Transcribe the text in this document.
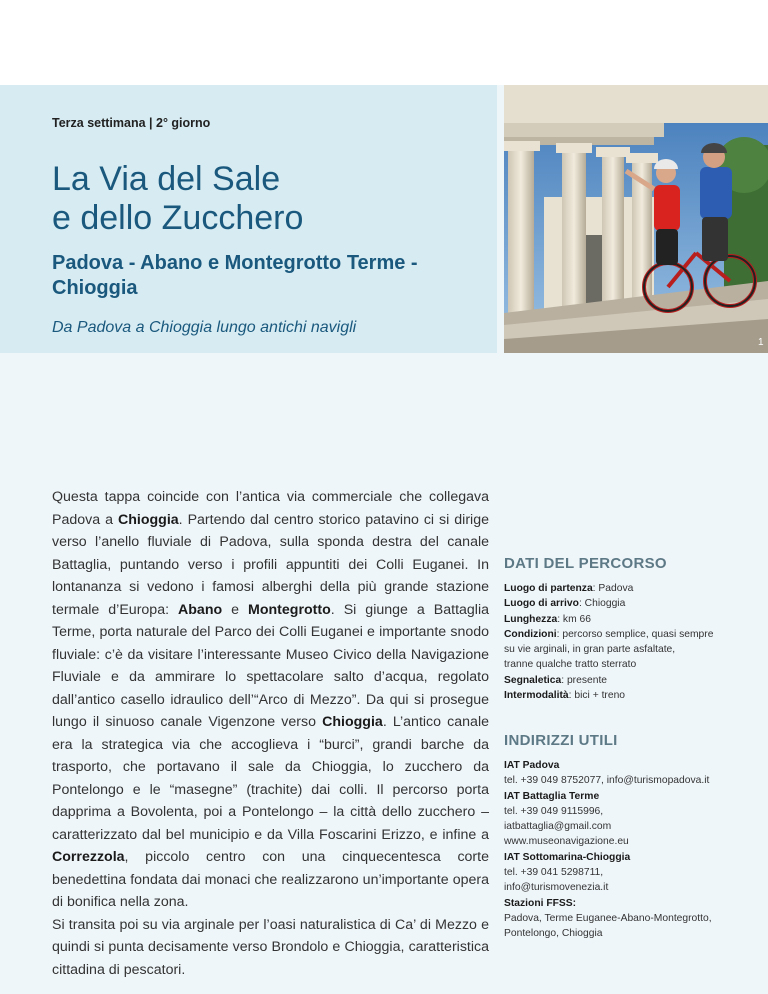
Terza settimana | 2° giorno
La Via del Sale
e dello Zucchero
Padova - Abano e Montegrotto Terme -
Chioggia
Da Padova a Chioggia lungo antichi navigli
1

Questa tappa coincide con l’antica via commerciale che collegava Padova a Chioggia. Partendo dal centro storico patavino ci si dirige verso l’anello fluviale di Padova, sulla sponda destra del canale Battaglia, puntando verso i profili appuntiti dei Colli Euganei. In lontananza si vedono i famosi alberghi della più grande stazione termale d’Europa: Abano e Montegrotto. Si giunge a Battaglia Terme, porta naturale del Parco dei Colli Euganei e importante snodo fluviale: c’è da visitare l’interessante Museo Civico della Navigazione Fluviale e da ammirare lo spettacolare salto d’acqua, regolato dall’antico casello idraulico dell’“Arco di Mezzo”. Da qui si prosegue lungo il sinuoso canale Vigenzone verso Chioggia. L’antico canale era la strategica via che accoglieva i “burci”, grandi barche da trasporto, che portavano il sale da Chioggia, lo zucchero da Pontelongo e le “masegne” (trachite) dai colli. Il percorso porta dapprima a Bovolenta, poi a Pontelongo – la città dello zucchero – caratterizzato dal bel municipio e da Villa Foscarini Erizzo, e infine a Correzzola, piccolo centro con una cinquecentesca corte benedettina fondata dai monaci che realizzarono un’importante opera di bonifica nella zona.

Si transita poi su via arginale per l’oasi naturalistica di Ca’ di Mezzo e quindi si punta decisamente verso Brondolo e Chioggia, caratteristica cittadina di pescatori.

DATI DEL PERCORSO
Luogo di partenza: Padova
Luogo di arrivo: Chioggia
Lunghezza: km 66
Condizioni: percorso semplice, quasi sempre
su vie arginali, in gran parte asfaltate,
tranne qualche tratto sterrato
Segnaletica: presente
Intermodalità: bici + treno
INDIRIZZI UTILI
IAT Padova
tel. +39 049 8752077, info@turismopadova.it
IAT Battaglia Terme
tel. +39 049 9115996,
iatbattaglia@gmail.com
www.museonavigazione.eu
IAT Sottomarina-Chioggia
tel. +39 041 5298711,
info@turismovenezia.it
Stazioni FFSS:
Padova, Terme Euganee-Abano-Montegrotto,
Pontelongo, Chioggia
